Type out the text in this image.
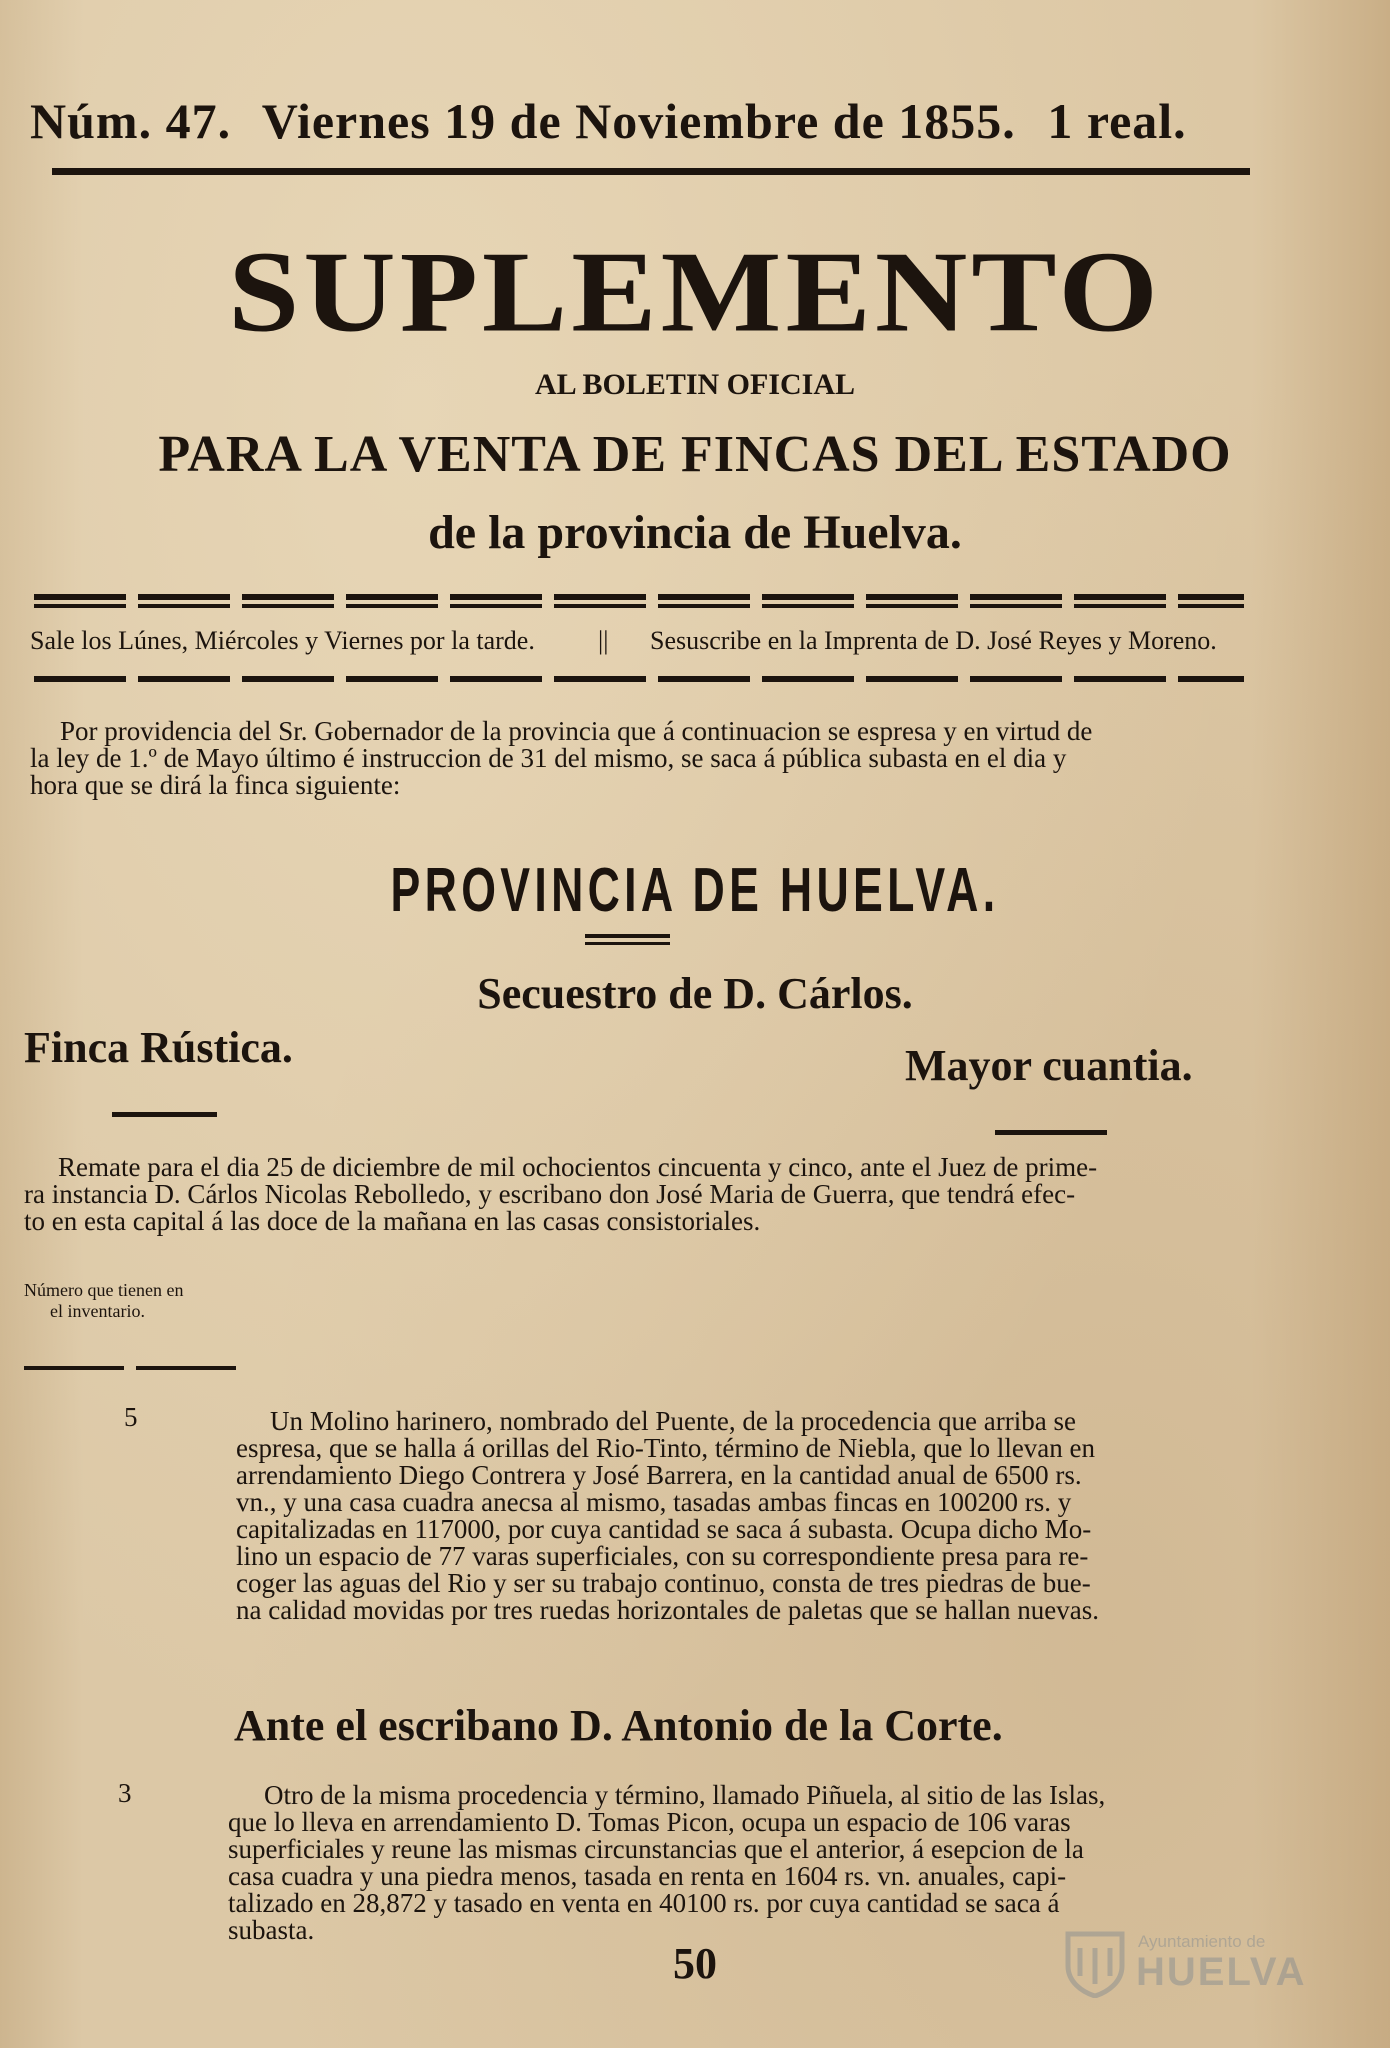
Núm. 47. Viernes 19 de Noviembre de 1855. 1 real.
SUPLEMENTO
AL BOLETIN OFICIAL
PARA LA VENTA DE FINCAS DEL ESTADO
de la provincia de Huelva.
Sale los Lúnes, Miércoles y Viernes por la tarde. || Sesuscribe en la Imprenta de D. José Reyes y Moreno.
Por providencia del Sr. Gobernador de la provincia que á continuacion se espresa y en virtud de
la ley de 1.º de Mayo último é instruccion de 31 del mismo, se saca á pública subasta en el dia y
hora que se dirá la finca siguiente:
PROVINCIA DE HUELVA.
Secuestro de D. Cárlos.
Finca Rústica.	Mayor cuantia.
Remate para el dia 25 de diciembre de mil ochocientos cincuenta y cinco, ante el Juez de prime-
ra instancia D. Cárlos Nicolas Rebolledo, y escribano don José Maria de Guerra, que tendrá efec-
to en esta capital á las doce de la mañana en las casas consistoriales.
Número que tienen en
el inventario.
5	Un Molino harinero, nombrado del Puente, de la procedencia que arriba se
espresa, que se halla á orillas del Rio-Tinto, término de Niebla, que lo llevan en
arrendamiento Diego Contrera y José Barrera, en la cantidad anual de 6500 rs.
vn., y una casa cuadra anecsa al mismo, tasadas ambas fincas en 100200 rs. y
capitalizadas en 117000, por cuya cantidad se saca á subasta. Ocupa dicho Mo-
lino un espacio de 77 varas superficiales, con su correspondiente presa para re-
coger las aguas del Rio y ser su trabajo continuo, consta de tres piedras de bue-
na calidad movidas por tres ruedas horizontales de paletas que se hallan nuevas.
Ante el escribano D. Antonio de la Corte.
3	Otro de la misma procedencia y término, llamado Piñuela, al sitio de las Islas,
que lo lleva en arrendamiento D. Tomas Picon, ocupa un espacio de 106 varas
superficiales y reune las mismas circunstancias que el anterior, á esepcion de la
casa cuadra y una piedra menos, tasada en renta en 1604 rs. vn. anuales, capi-
talizado en 28,872 y tasado en venta en 40100 rs. por cuya cantidad se saca á
subasta.
50	Ayuntamiento de
HUELVA
